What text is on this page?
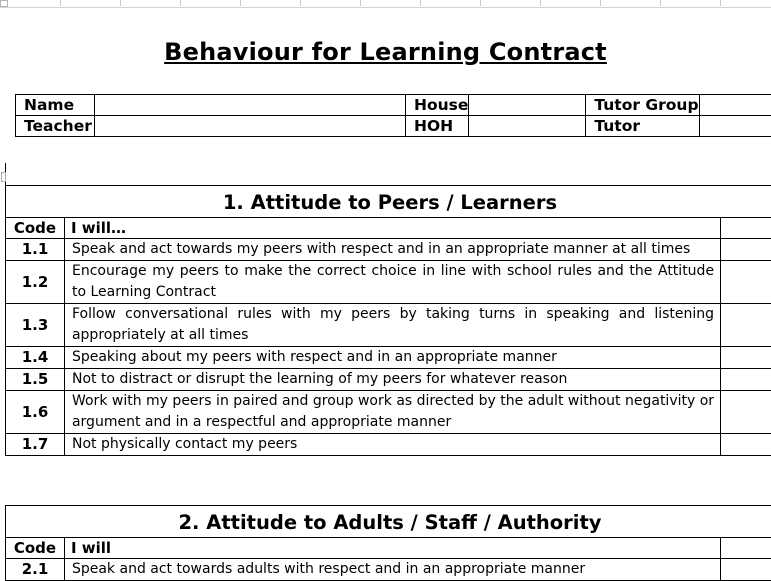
Behaviour for Learning Contract
Name		House		Tutor Group	
Teacher		HOH		Tutor	
1. Attitude to Peers / Learners		
Code	I will…	
1.1	Speak and act towards my peers with respect and in an appropriate manner at all times	
1.2	Encourage my peers to make the correct choice in line with school rules and the Attitude to Learning Contract	
1.3	Follow conversational rules with my peers by taking turns in speaking and listening appropriately at all times	
1.4	Speaking about my peers with respect and in an appropriate manner	
1.5	Not to distract or disrupt the learning of my peers for whatever reason	
1.6	Work with my peers in paired and group work as directed by the adult without negativity or argument and in a respectful and appropriate manner	
1.7	Not physically contact my peers	
2. Attitude to Adults / Staff / Authority		
Code	I will	
2.1	Speak and act towards adults with respect and in an appropriate manner	
